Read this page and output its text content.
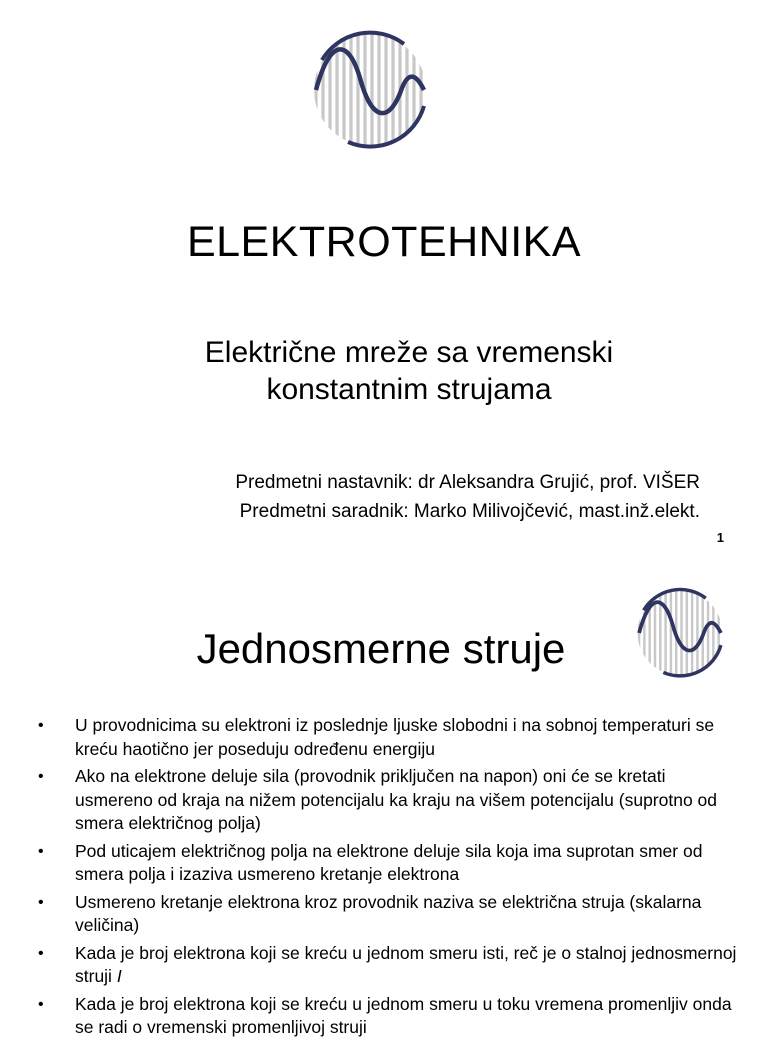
ELEKTROTEHNIKA
Električne mreže sa vremenski konstantnim strujama
Predmetni nastavnik: dr Aleksandra Grujić, prof. VIŠER
Predmetni saradnik: Marko Milivojčević, mast.inž.elekt.
1
Jednosmerne struje
•	U provodnicima su elektroni iz poslednje ljuske slobodni i na sobnoj temperaturi se kreću haotično jer poseduju određenu energiju
•	Ako na elektrone deluje sila (provodnik priključen na napon) oni će se kretati usmereno od kraja na nižem potencijalu ka kraju na višem potencijalu (suprotno od smera električnog polja)
•	Pod uticajem električnog polja na elektrone deluje sila koja ima suprotan smer od smera polja i izaziva usmereno kretanje elektrona
•	Usmereno kretanje elektrona kroz provodnik naziva se električna struja (skalarna veličina)
•	Kada je broj elektrona koji se kreću u jednom smeru isti, reč je o stalnoj jednosmernoj struji I
•	Kada je broj elektrona koji se kreću u jednom smeru u toku vremena promenljiv onda se radi o vremenski promenljivoj struji
